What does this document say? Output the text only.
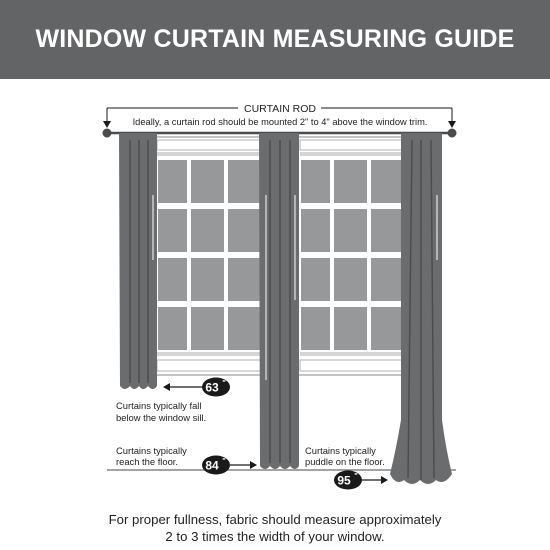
WINDOW CURTAIN MEASURING GUIDE
CURTAIN ROD
Ideally, a curtain rod should be mounted 2" to 4" above the window trim.
63 "
Curtains typically fall
below the window sill.
Curtains typically
reach the floor. 84 "
Curtains typically
puddle on the floor.
95 "
For proper fullness, fabric should measure approximately
2 to 3 times the width of your window.
